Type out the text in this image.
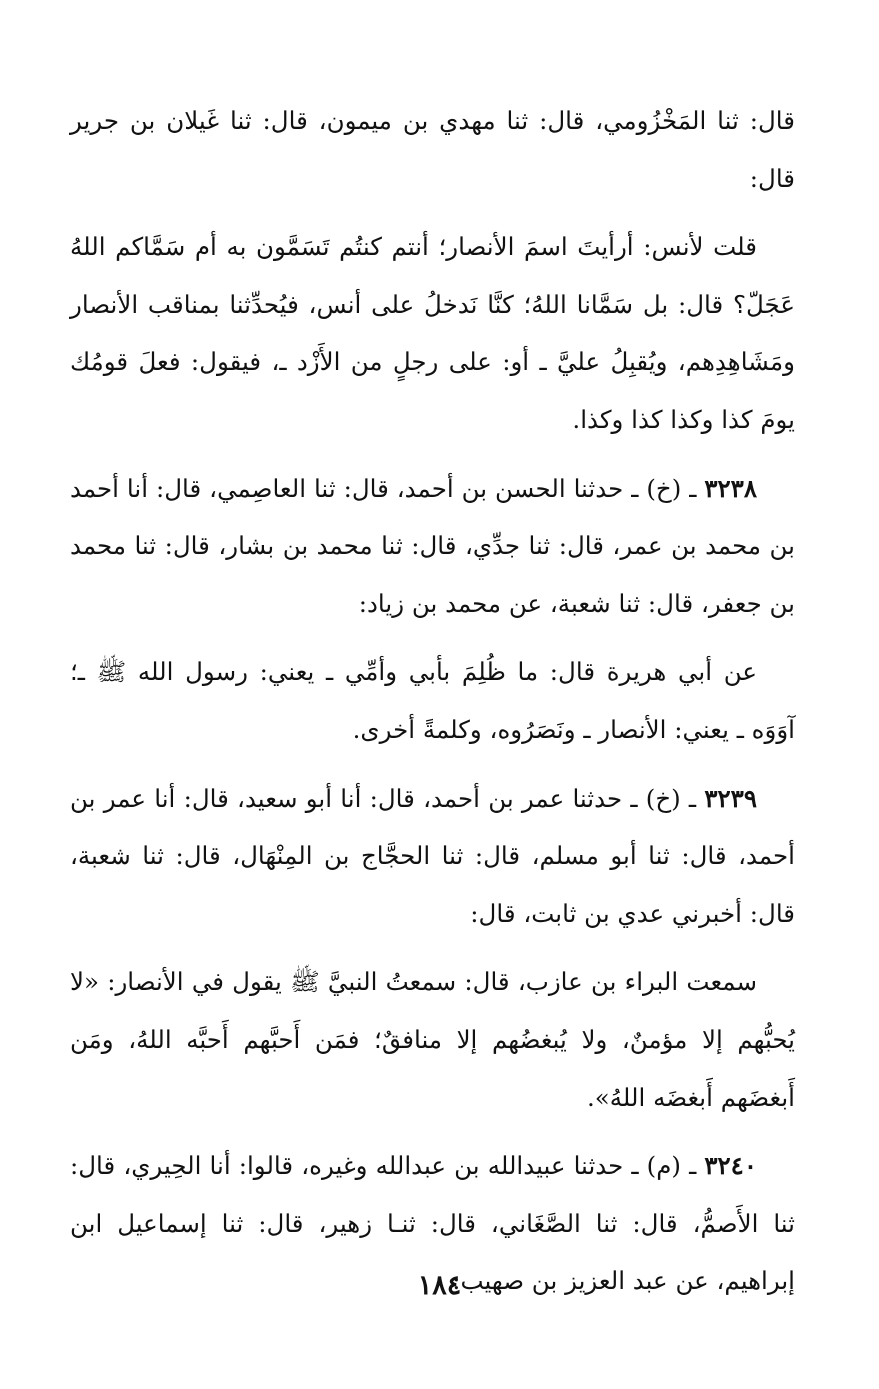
قال: ثنا المَخْزُومي، قال: ثنا مهدي بن ميمون، قال: ثنا غَيلان بن جرير قال:

قلت لأنس: أرأيتَ اسمَ الأنصار؛ أنتم كنتُم تَسَمَّون به أم سَمَّاكم اللهُ عَجَلّ؟ قال: بل سَمَّانا اللهُ؛ كنَّا نَدخلُ على أنس، فيُحدِّثنا بمناقب الأنصار ومَشَاهِدِهم، ويُقبِلُ عليَّ ـ أو: على رجلٍ من الأَزْد ـ، فيقول: فعلَ قومُك يومَ كذا وكذا كذا وكذا.

٣٢٣٨ ـ (خ) ـ حدثنا الحسن بن أحمد، قال: ثنا العاصِمي، قال: أنا أحمد بن محمد بن عمر، قال: ثنا جدِّي، قال: ثنا محمد بن بشار، قال: ثنا محمد بن جعفر، قال: ثنا شعبة، عن محمد بن زياد:

عن أبي هريرة قال: ما ظُلِمَ بأبي وأمِّي ـ يعني: رسول الله ﷺ ـ؛ آوَوَه ـ يعني: الأنصار ـ ونَصَرُوه، وكلمةً أخرى.

٣٢٣٩ ـ (خ) ـ حدثنا عمر بن أحمد، قال: أنا أبو سعيد، قال: أنا عمر بن أحمد، قال: ثنا أبو مسلم، قال: ثنا الحجَّاج بن المِنْهَال، قال: ثنا شعبة، قال: أخبرني عدي بن ثابت، قال:

سمعت البراء بن عازب، قال: سمعتُ النبيَّ ﷺ يقول في الأنصار: «لا يُحبُّهم إلا مؤمنٌ، ولا يُبغضُهم إلا منافقٌ؛ فمَن أَحبَّهم أَحبَّه اللهُ، ومَن أَبغضَهم أَبغضَه اللهُ».

٣٢٤٠ ـ (م) ـ حدثنا عبيدالله بن عبدالله وغيره، قالوا: أنا الحِيري، قال: ثنا الأَصمُّ، قال: ثنا الصَّغَاني، قال: ثنـا زهير، قال: ثنا إسماعيل ابن إبراهيم، عن عبد العزيز بن صهيب:

١٨٤
